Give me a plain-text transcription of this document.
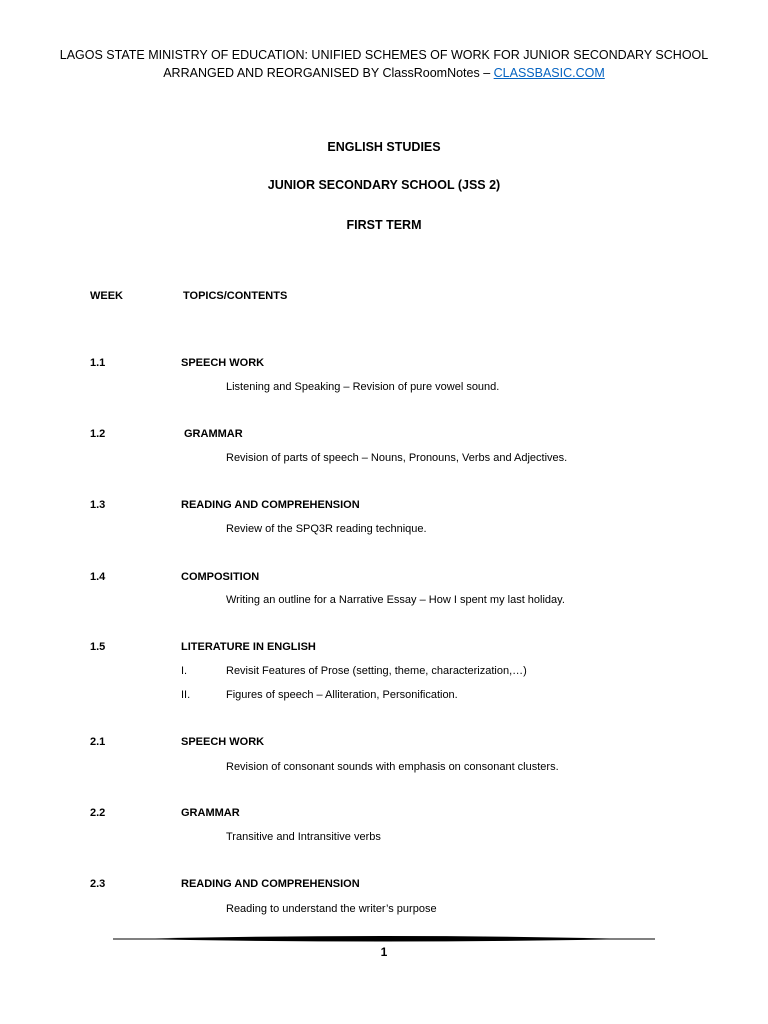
LAGOS STATE MINISTRY OF EDUCATION: UNIFIED SCHEMES OF WORK FOR JUNIOR SECONDARY SCHOOL
ARRANGED AND REORGANISED BY ClassRoomNotes – CLASSBASIC.COM
ENGLISH STUDIES
JUNIOR SECONDARY SCHOOL (JSS 2)
FIRST TERM
WEEK	TOPICS/CONTENTS
1.1	SPEECH WORK
Listening and Speaking – Revision of pure vowel sound.
1.2	GRAMMAR
Revision of parts of speech – Nouns, Pronouns, Verbs and Adjectives.
1.3	READING AND COMPREHENSION
Review of the SPQ3R reading technique.
1.4	COMPOSITION
Writing an outline for a Narrative Essay – How I spent my last holiday.
1.5	LITERATURE IN ENGLISH
I.	Revisit Features of Prose (setting, theme, characterization,…)
II.	Figures of speech – Alliteration, Personification.
2.1	SPEECH WORK
Revision of consonant sounds with emphasis on consonant clusters.
2.2	GRAMMAR
Transitive and Intransitive verbs
2.3	READING AND COMPREHENSION
Reading to understand the writer’s purpose
1
